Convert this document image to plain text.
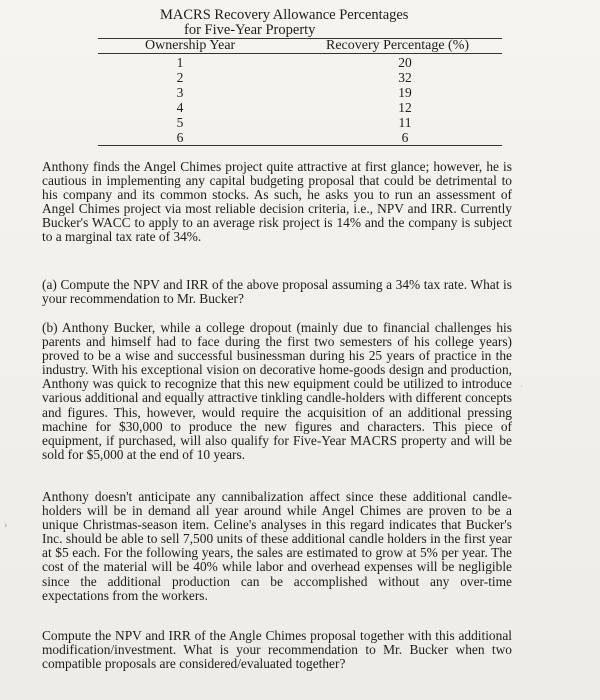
MACRS Recovery Allowance Percentages
for Five-Year Property
Ownership Year	Recovery Percentage (%)
1	20
2	32
3	19
4	12
5	11
6	6

Anthony finds the Angel Chimes project quite attractive at first glance; however, he is cautious in implementing any capital budgeting proposal that could be detrimental to his company and its common stocks. As such, he asks you to run an assessment of Angel Chimes project via most reliable decision criteria, i.e., NPV and IRR. Currently Bucker's WACC to apply to an average risk project is 14% and the company is subject to a marginal tax rate of 34%.

(a) Compute the NPV and IRR of the above proposal assuming a 34% tax rate. What is your recommendation to Mr. Bucker?

(b) Anthony Bucker, while a college dropout (mainly due to financial challenges his parents and himself had to face during the first two semesters of his college years) proved to be a wise and successful businessman during his 25 years of practice in the industry. With his exceptional vision on decorative home-goods design and production, Anthony was quick to recognize that this new equipment could be utilized to introduce various additional and equally attractive tinkling candle-holders with different concepts and figures. This, however, would require the acquisition of an additional pressing machine for $30,000 to produce the new figures and characters. This piece of equipment, if purchased, will also qualify for Five-Year MACRS property and will be sold for $5,000 at the end of 10 years.

Anthony doesn't anticipate any cannibalization affect since these additional candle-holders will be in demand all year around while Angel Chimes are proven to be a unique Christmas-season item. Celine's analyses in this regard indicates that Bucker's Inc. should be able to sell 7,500 units of these additional candle holders in the first year at $5 each. For the following years, the sales are estimated to grow at 5% per year. The cost of the material will be 40% while labor and overhead expenses will be negligible since the additional production can be accomplished without any over-time expectations from the workers.

Compute the NPV and IRR of the Angle Chimes proposal together with this additional modification/investment. What is your recommendation to Mr. Bucker when two compatible proposals are considered/evaluated together?

›
·
